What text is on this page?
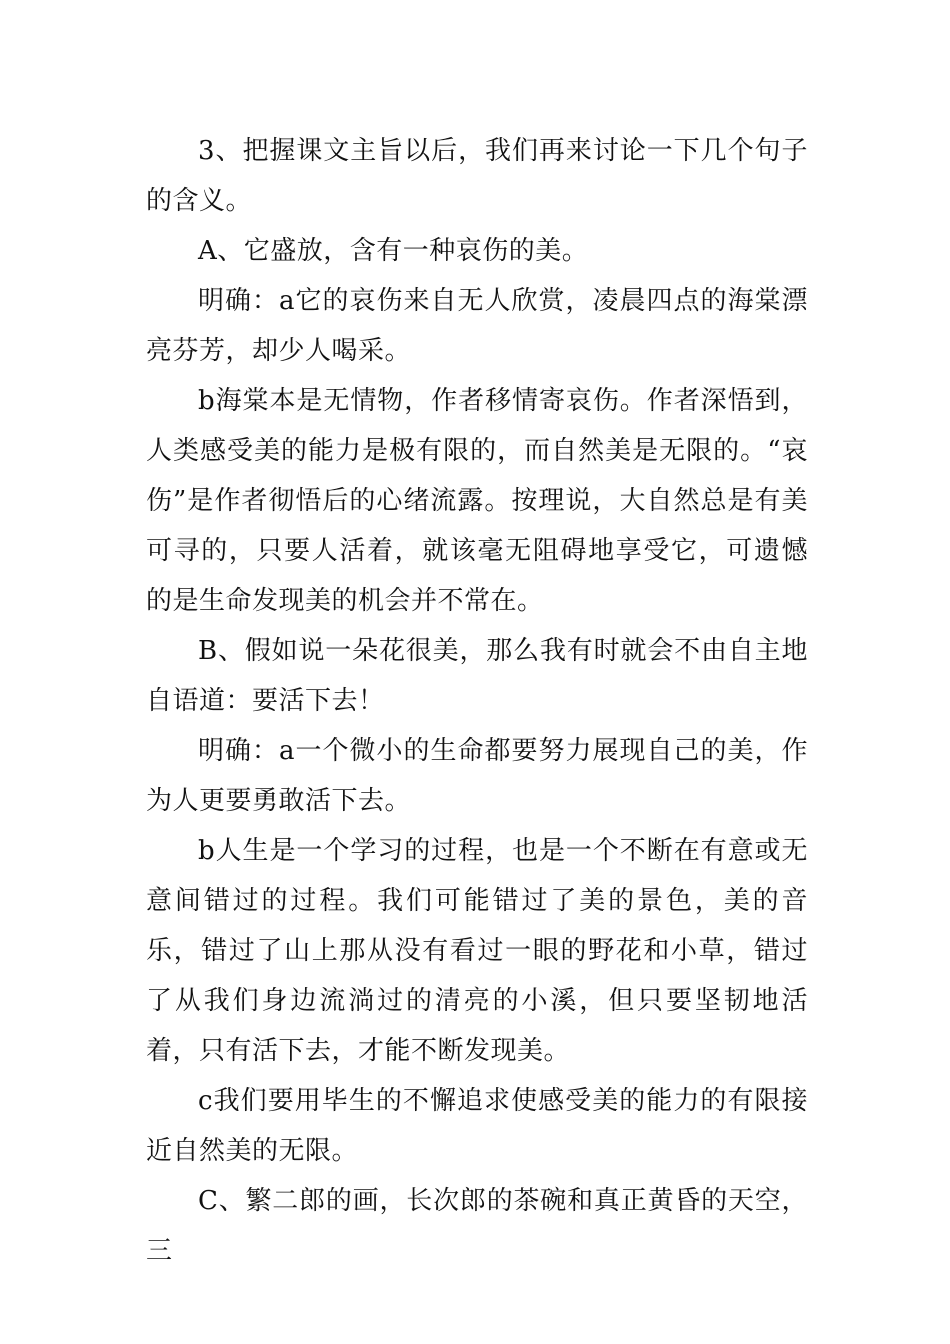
3、把握课文主旨以后，我们再来讨论一下几个句子的含义。

A、它盛放，含有一种哀伤的美。

明确：a它的哀伤来自无人欣赏，凌晨四点的海棠漂亮芬芳，却少人喝采。

b海棠本是无情物，作者移情寄哀伤。作者深悟到，人类感受美的能力是极有限的，而自然美是无限的。“哀伤”是作者彻悟后的心绪流露。按理说，大自然总是有美可寻的，只要人活着，就该毫无阻碍地享受它，可遗憾的是生命发现美的机会并不常在。

B、假如说一朵花很美，那么我有时就会不由自主地自语道：要活下去！

明确：a一个微小的生命都要努力展现自己的美，作为人更要勇敢活下去。

b人生是一个学习的过程，也是一个不断在有意或无意间错过的过程。我们可能错过了美的景色，美的音乐，错过了山上那从没有看过一眼的野花和小草，错过了从我们身边流淌过的清亮的小溪，但只要坚韧地活着，只有活下去，才能不断发现美。

c我们要用毕生的不懈追求使感受美的能力的有限接近自然美的无限。

C、繁二郎的画，长次郎的茶碗和真正黄昏的天空，三
